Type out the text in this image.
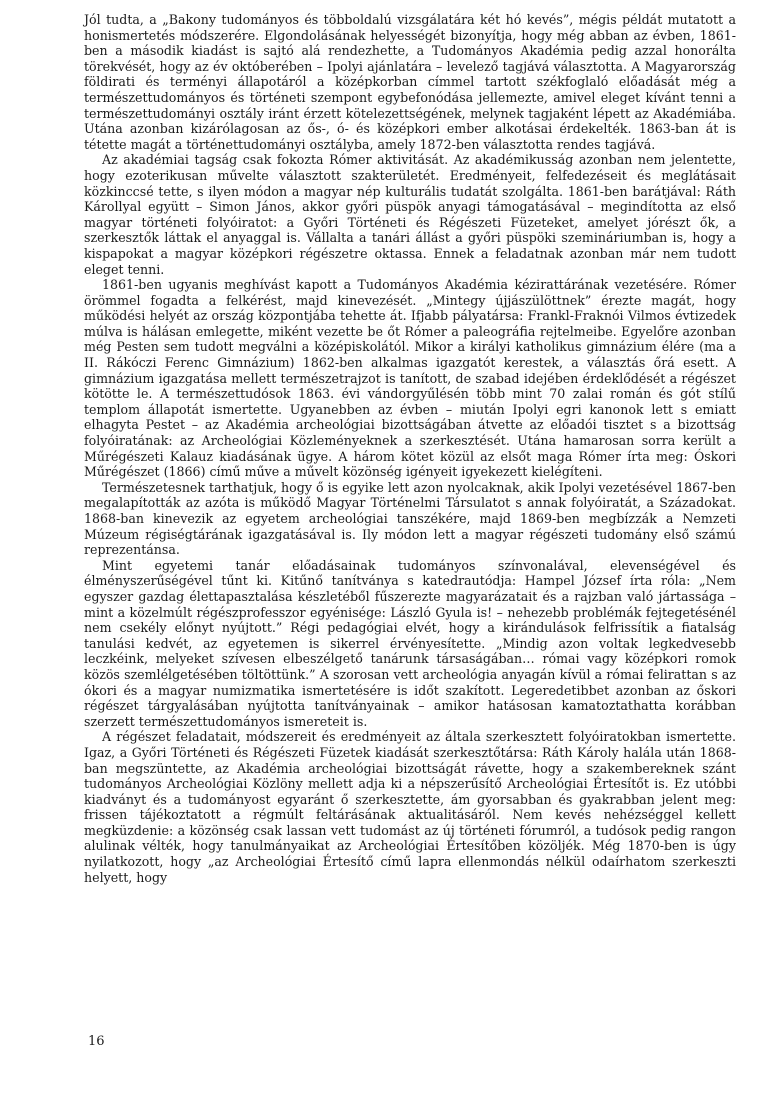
Jól tudta, a „Bakony tudományos és többoldalú vizsgálatára két hó kevés”, mégis példát mutatott a honismertetés módszerére. Elgondolásának helyességét bizonyítja, hogy még abban az évben, 1861-ben a második kiadást is sajtó alá rendezhette, a Tudományos Akadémia pedig azzal honorálta törekvését, hogy az év októberében – Ipolyi ajánlatára – levelező tagjává választotta. A Magyarország földirati és terményi állapotáról a középkorban címmel tartott székfoglaló előadását még a természettudományos és történeti szempont egybefonódása jellemezte, amivel eleget kívánt tenni a természettudományi osztály iránt érzett kötelezettségének, melynek tagjaként lépett az Akadémiába. Utána azonban kizárólagosan az ős-, ó- és középkori ember alkotásai érdekelték. 1863-ban át is tétette magát a történettudományi osztályba, amely 1872-ben választotta rendes tagjává.

Az akadémiai tagság csak fokozta Rómer aktivitását. Az akadémikusság azonban nem jelentette, hogy ezoterikusan művelte választott szakterületét. Eredményeit, felfedezéseit és meglátásait közkinccsé tette, s ilyen módon a magyar nép kulturális tudatát szolgálta. 1861-ben barátjával: Ráth Károllyal együtt – Simon János, akkor győri püspök anyagi támogatásával – megindította az első magyar történeti folyóiratot: a Győri Történeti és Régészeti Füzeteket, amelyet jórészt ők, a szerkesztők láttak el anyaggal is. Vállalta a tanári állást a győri püspöki szemináriumban is, hogy a kispapokat a magyar középkori régészetre oktassa. Ennek a feladatnak azonban már nem tudott eleget tenni.

1861-ben ugyanis meghívást kapott a Tudományos Akadémia kézirattárának vezetésére. Rómer örömmel fogadta a felkérést, majd kinevezését. „Mintegy újjászülöttnek” érezte magát, hogy működési helyét az ország központjába tehette át. Ifjabb pályatársa: Frankl-Fraknói Vilmos évtizedek múlva is hálásan emlegette, miként vezette be őt Rómer a paleográfia rejtelmeibe. Egyelőre azonban még Pesten sem tudott megválni a középiskolától. Mikor a királyi katholikus gimnázium élére (ma a II. Rákóczi Ferenc Gimnázium) 1862-ben alkalmas igazgatót kerestek, a választás őrá esett. A gimnázium igazgatása mellett természetrajzot is tanított, de szabad idejében érdeklődését a régészet kötötte le. A természettudósok 1863. évi vándorgyűlésén több mint 70 zalai román és gót stílű templom állapotát ismertette. Ugyanebben az évben – miután Ipolyi egri kanonok lett s emiatt elhagyta Pestet – az Akadémia archeológiai bizottságában átvette az előadói tisztet s a bizottság folyóiratának: az Archeológiai Közleményeknek a szerkesztését. Utána hamarosan sorra került a Műrégészeti Kalauz kiadásának ügye. A három kötet közül az elsőt maga Rómer írta meg: Óskori Műrégészet (1866) című műve a művelt közönség igényeit igyekezett kielégíteni.

Természetesnek tarthatjuk, hogy ő is egyike lett azon nyolcaknak, akik Ipolyi vezetésével 1867-ben megalapították az azóta is működő Magyar Történelmi Társulatot s annak folyóiratát, a Századokat. 1868-ban kinevezik az egyetem archeológiai tanszékére, majd 1869-ben megbízzák a Nemzeti Múzeum régiségtárának igazgatásával is. Ily módon lett a magyar régészeti tudomány első számú reprezentánsa.

Mint egyetemi tanár előadásainak tudományos színvonalával, elevenségével és élményszerűségével tűnt ki. Kitűnő tanítványa s katedrautódja: Hampel József írta róla: „Nem egyszer gazdag élettapasztalása készletéből fűszerezte magyarázatait és a rajzban való jártassága – mint a közelmúlt régészprofesszor egyénisége: László Gyula is! – nehezebb problémák fejtegetésénél nem csekély előnyt nyújtott.” Régi pedagógiai elvét, hogy a kirándulások felfrissítik a fiatalság tanulási kedvét, az egyetemen is sikerrel érvényesítette. „Mindig azon voltak legkedvesebb leczkéink, melyeket szívesen elbeszélgető tanárunk társaságában… római vagy középkori romok közös szemlélgetésében töltöttünk.” A szorosan vett archeológia anyagán kívül a római felirattan s az ókori és a magyar numizmatika ismertetésére is időt szakított. Legeredetibbet azonban az őskori régészet tárgyalásában nyújtotta tanítványainak – amikor hatásosan kamatoztathatta korábban szerzett természettudományos ismereteit is.

A régészet feladatait, módszereit és eredményeit az általa szerkesztett folyóiratokban ismertette. Igaz, a Győri Történeti és Régészeti Füzetek kiadását szerkesztőtársa: Ráth Károly halála után 1868-ban megszüntette, az Akadémia archeológiai bizottságát rávette, hogy a szakembereknek szánt tudományos Archeológiai Közlöny mellett adja ki a népszerűsítő Archeológiai Értesítőt is. Ez utóbbi kiadványt és a tudományost egyaránt ő szerkesztette, ám gyorsabban és gyakrabban jelent meg: frissen tájékoztatott a régmúlt feltárásának aktualitásáról. Nem kevés nehézséggel kellett megküzdenie: a közönség csak lassan vett tudomást az új történeti fórumról, a tudósok pedig rangon alulinak vélték, hogy tanulmányaikat az Archeológiai Értesítőben közöljék. Még 1870-ben is úgy nyilatkozott, hogy „az Archeológiai Értesítő című lapra ellenmondás nélkül odaírhatom szerkeszti helyett, hogy

16
